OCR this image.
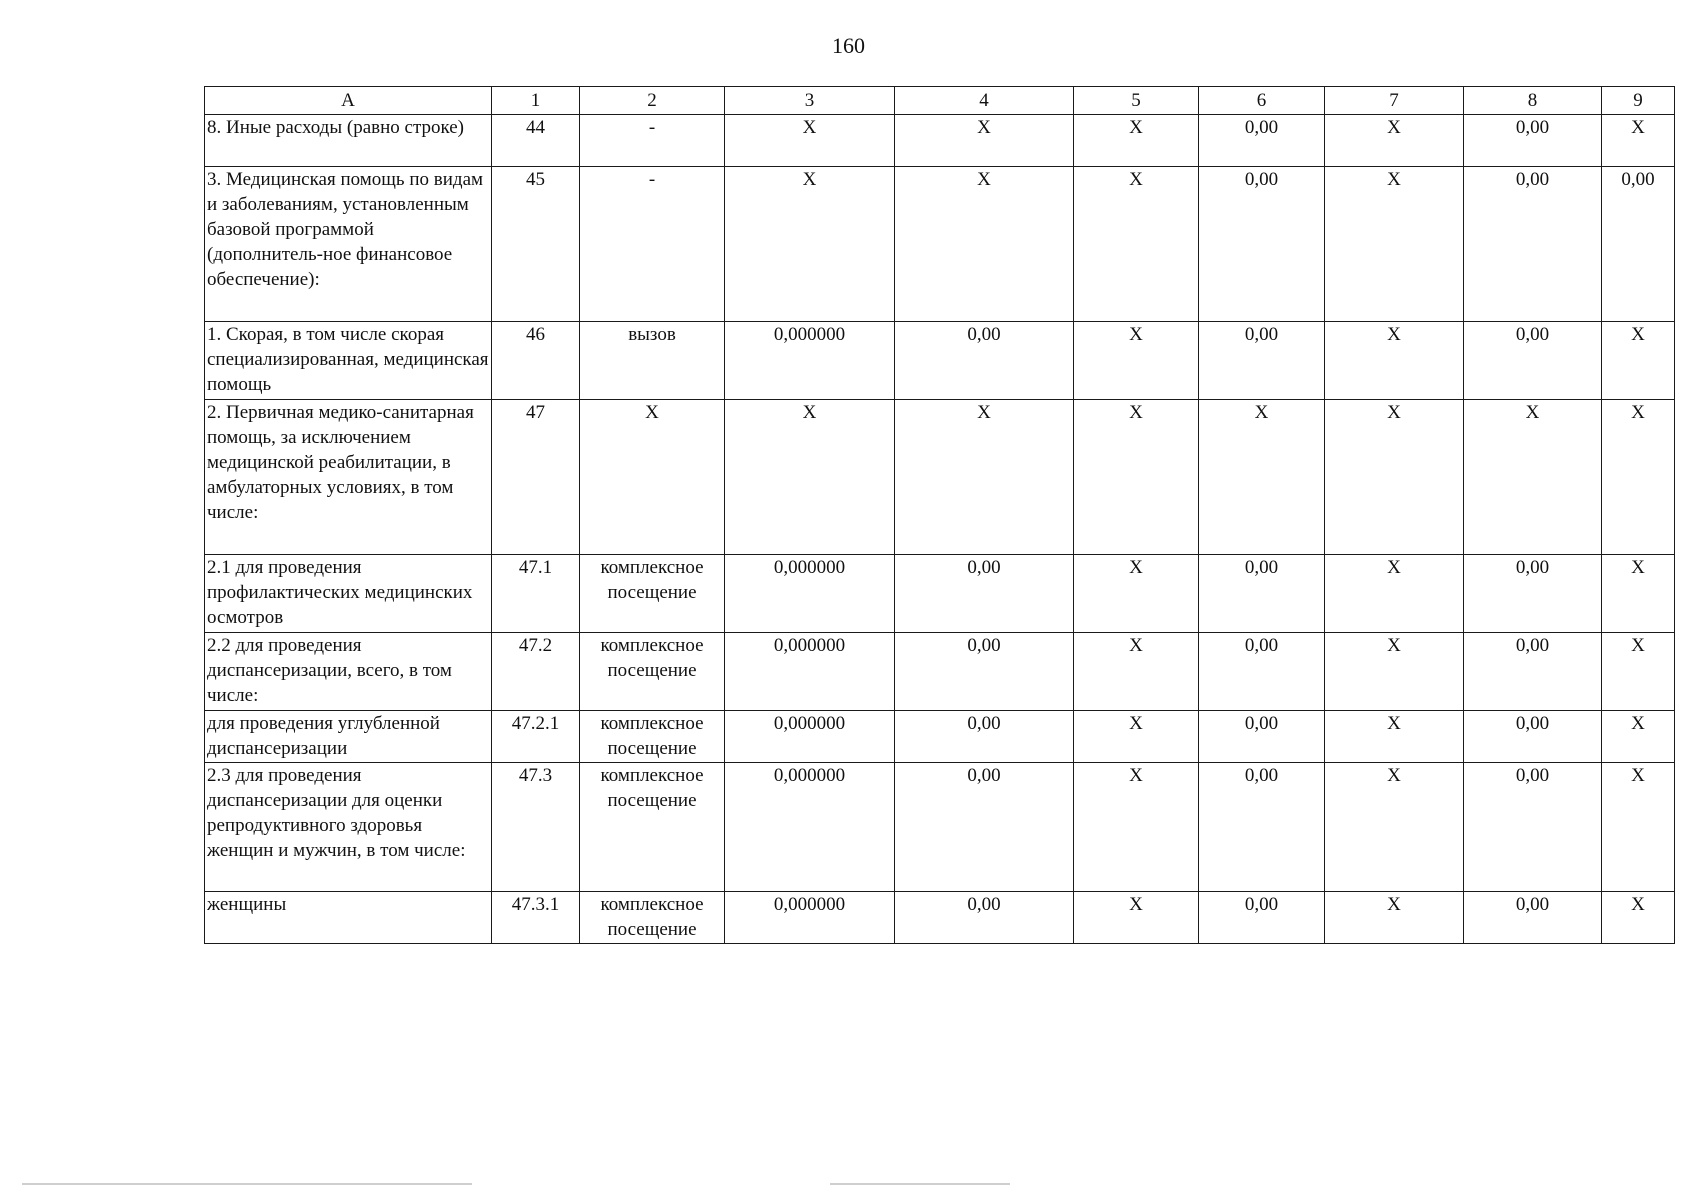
160
А	1	2	3	4	5	6	7	8	9
8. Иные расходы (равно строке)	44	-	Х	Х	Х	0,00	Х	0,00	Х
3. Медицинская помощь по видам и заболеваниям, установленным базовой программой (дополнитель-ное финансовое обеспечение):	45	-	Х	Х	Х	0,00	Х	0,00	0,00
1. Скорая, в том числе скорая специализированная, медицинская помощь	46	вызов	0,000000	0,00	Х	0,00	Х	0,00	Х
2. Первичная медико-санитарная помощь, за исключением медицинской реабилитации, в амбулаторных условиях, в том числе:	47	Х	Х	Х	Х	Х	Х	Х	Х
2.1 для проведения профилактических медицинских осмотров	47.1	комплексное посещение	0,000000	0,00	Х	0,00	Х	0,00	Х
2.2 для проведения диспансеризации, всего, в том числе:	47.2	комплексное посещение	0,000000	0,00	Х	0,00	Х	0,00	Х
для проведения углубленной диспансеризации	47.2.1	комплексное посещение	0,000000	0,00	Х	0,00	Х	0,00	Х
2.3 для проведения диспансеризации для оценки репродуктивного здоровья женщин и мужчин, в том числе:	47.3	комплексное посещение	0,000000	0,00	Х	0,00	Х	0,00	Х
женщины	47.3.1	комплексное посещение	0,000000	0,00	Х	0,00	Х	0,00	Х
